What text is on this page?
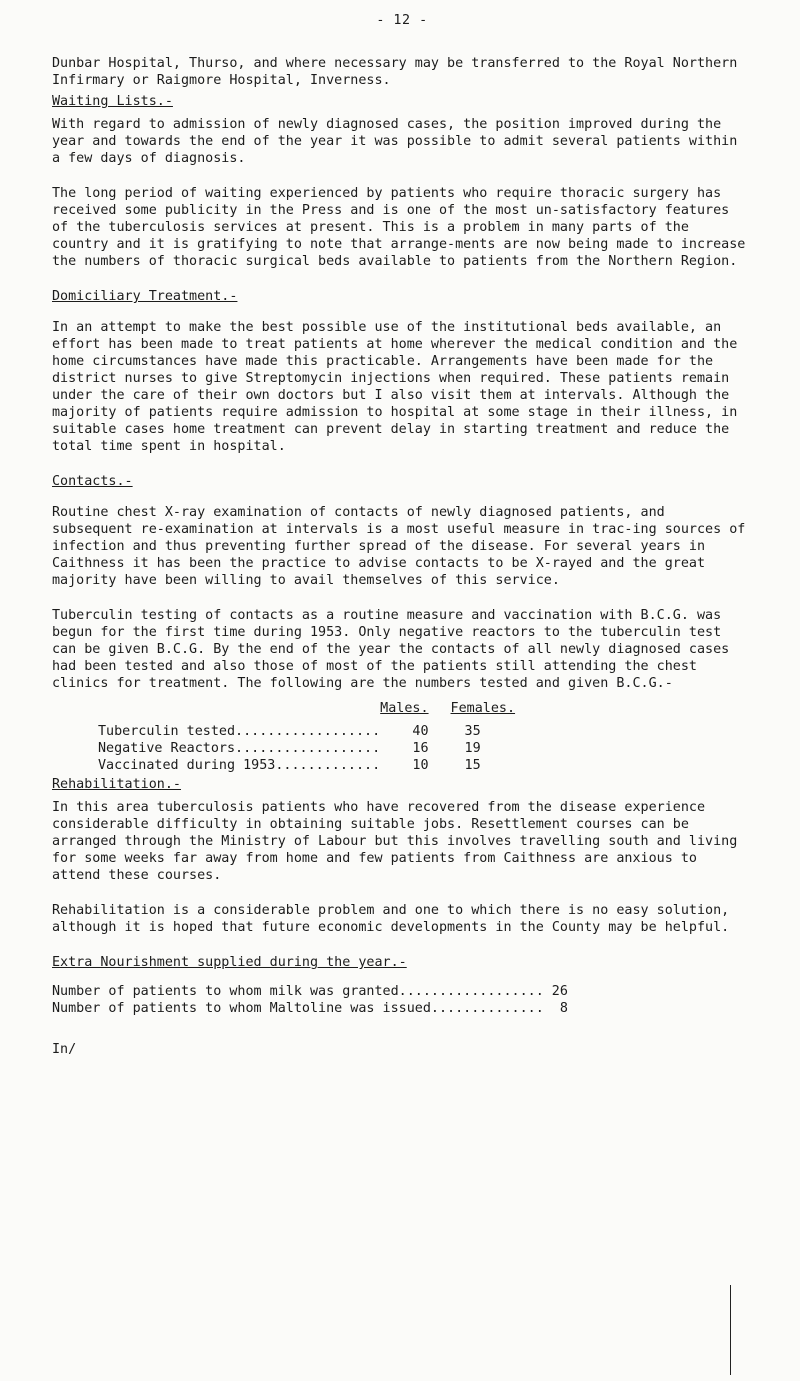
- 12 -

Dunbar Hospital, Thurso, and where necessary may be transferred to the Royal Northern Infirmary or Raigmore Hospital, Inverness.

Waiting Lists.-

With regard to admission of newly diagnosed cases, the position improved during the year and towards the end of the year it was possible to admit several patients within a few days of diagnosis.

The long period of waiting experienced by patients who require thoracic surgery has received some publicity in the Press and is one of the most un-satisfactory features of the tuberculosis services at present. This is a problem in many parts of the country and it is gratifying to note that arrange-ments are now being made to increase the numbers of thoracic surgical beds available to patients from the Northern Region.

Domiciliary Treatment.-

In an attempt to make the best possible use of the institutional beds available, an effort has been made to treat patients at home wherever the medical condition and the home circumstances have made this practicable. Arrangements have been made for the district nurses to give Streptomycin injections when required. These patients remain under the care of their own doctors but I also visit them at intervals. Although the majority of patients require admission to hospital at some stage in their illness, in suitable cases home treatment can prevent delay in starting treatment and reduce the total time spent in hospital.

Contacts.-

Routine chest X-ray examination of contacts of newly diagnosed patients, and subsequent re-examination at intervals is a most useful measure in trac-ing sources of infection and thus preventing further spread of the disease. For several years in Caithness it has been the practice to advise contacts to be X-rayed and the great majority have been willing to avail themselves of this service.

Tuberculin testing of contacts as a routine measure and vaccination with B.C.G. was begun for the first time during 1953. Only negative reactors to the tuberculin test can be given B.C.G. By the end of the year the contacts of all newly diagnosed cases had been tested and also those of most of the patients still attending the chest clinics for treatment. The following are the numbers tested and given B.C.G.-

	Males.		Females.

Tuberculin tested..................	40		35
Negative Reactors..................	16		19
Vaccinated during 1953.............	10		15

Rehabilitation.-

In this area tuberculosis patients who have recovered from the disease experience considerable difficulty in obtaining suitable jobs. Resettlement courses can be arranged through the Ministry of Labour but this involves travelling south and living for some weeks far away from home and few patients from Caithness are anxious to attend these courses.

Rehabilitation is a considerable problem and one to which there is no easy solution, although it is hoped that future economic developments in the County may be helpful.

Extra Nourishment supplied during the year.-

Number of patients to whom milk was granted..................	26
Number of patients to whom Maltoline was issued..............	8

In/
